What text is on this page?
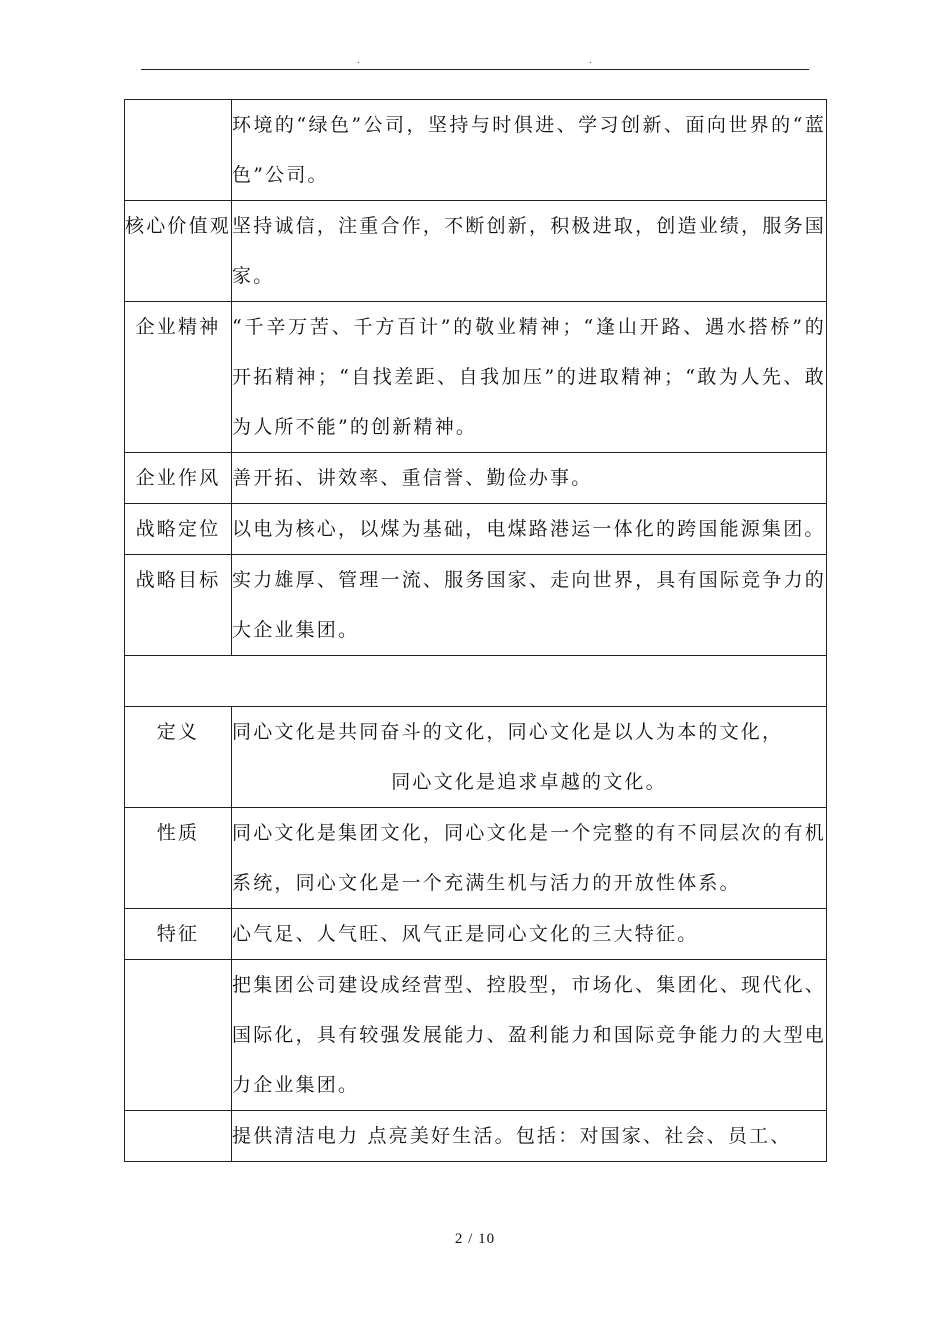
.	.
	环境的“绿色”公司，坚持与时俱进、学习创新、面向世界的“蓝色”公司。
核心价值观	坚持诚信，注重合作，不断创新，积极进取，创造业绩，服务国家。
企业精神	“千辛万苦、千方百计”的敬业精神；“逢山开路、遇水搭桥”的开拓精神；“自找差距、自我加压”的进取精神；“敢为人先、敢为人所不能”的创新精神。
企业作风	善开拓、讲效率、重信誉、勤俭办事。
战略定位	以电为核心，以煤为基础，电煤路港运一体化的跨国能源集团。
战略目标	实力雄厚、管理一流、服务国家、走向世界，具有国际竞争力的大企业集团。

定义	同心文化是共同奋斗的文化，同心文化是以人为本的文化，
同心文化是追求卓越的文化。

性质	同心文化是集团文化，同心文化是一个完整的有不同层次的有机系统，同心文化是一个充满生机与活力的开放性体系。
特征	心气足、人气旺、风气正是同心文化的三大特征。
	把集团公司建设成经营型、控股型，市场化、集团化、现代化、国际化，具有较强发展能力、盈利能力和国际竞争能力的大型电力企业集团。
	提供清洁电力 点亮美好生活。包括：对国家、社会、员工、
2 / 10
